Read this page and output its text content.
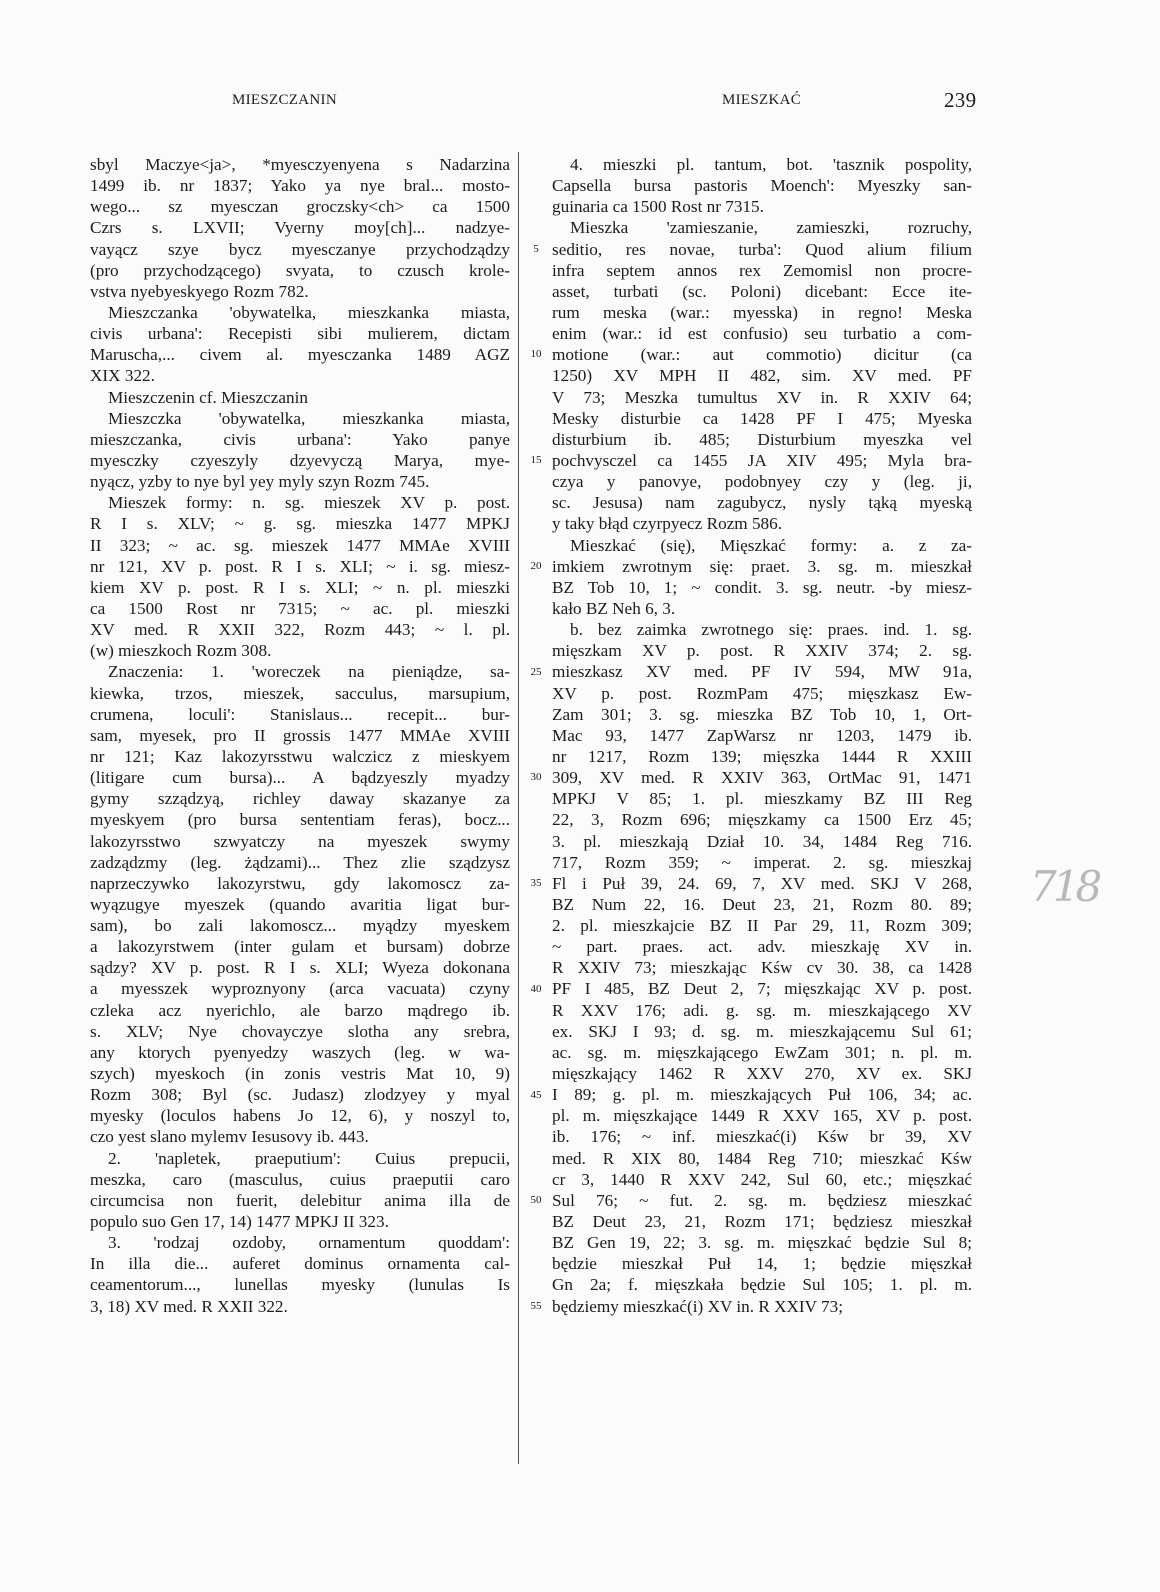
MIESZCZANIN	MIESZKAĆ	239
sbyl Maczye<ja>, *myesczyenyena s Nadarzina
1499 ib. nr 1837; Yako ya nye bral... mosto-
wego... sz myesczan groczsky<ch> ca 1500
Czrs s. LXVII; Vyerny moy[ch]... nadzye-
vayącz szye bycz myesczanye przychodządzy
(pro przychodzącego) svyata, to czusch krole-
vstva nyebyeskyego Rozm 782.
Mieszczanka 'obywatelka, mieszkanka miasta,
civis urbana': Recepisti sibi mulierem, dictam
Maruscha,... civem al. myesczanka 1489 AGZ
XIX 322.
Mieszczenin cf. Mieszczanin
Mieszczka 'obywatelka, mieszkanka miasta,
mieszczanka, civis urbana': Yako panye
myesczky czyeszyly dzyevyczą Marya, mye-
nyącz, yzby to nye byl yey myly szyn Rozm 745.
Mieszek formy: n. sg. mieszek XV p. post.
R I s. XLV; ~ g. sg. mieszka 1477 MPKJ
II 323; ~ ac. sg. mieszek 1477 MMAe XVIII
nr 121, XV p. post. R I s. XLI; ~ i. sg. miesz-
kiem XV p. post. R I s. XLI; ~ n. pl. mieszki
ca 1500 Rost nr 7315; ~ ac. pl. mieszki
XV med. R XXII 322, Rozm 443; ~ l. pl.
(w) mieszkoch Rozm 308.
Znaczenia: 1. 'woreczek na pieniądze, sa-
kiewka, trzos, mieszek, sacculus, marsupium,
crumena, loculi': Stanislaus... recepit... bur-
sam, myesek, pro II grossis 1477 MMAe XVIII
nr 121; Kaz lakozyrsstwu walczicz z mieskyem
(litigare cum bursa)... A bądzyeszly myadzy
gymy szządzyą, richley daway skazanye za
myeskyem (pro bursa sententiam feras), bocz...
lakozyrsstwo szwyatczy na myeszek swymy
zadządzmy (leg. żądzami)... Thez zlie sządzysz
naprzeczywko lakozyrstwu, gdy lakomoscz za-
wyązugye myeszek (quando avaritia ligat bur-
sam), bo zali lakomoscz... myądzy myeskem
a lakozyrstwem (inter gulam et bursam) dobrze
sądzy? XV p. post. R I s. XLI; Wyeza dokonana
a myesszek wyproznyony (arca vacuata) czyny
czleka acz nyerichlo, ale barzo mądrego ib.
s. XLV; Nye chovayczye slotha any srebra,
any ktorych pyenyedzy waszych (leg. w wa-
szych) myeskoch (in zonis vestris Mat 10, 9)
Rozm 308; Byl (sc. Judasz) zlodzyey y myal
myesky (loculos habens Jo 12, 6), y noszyl to,
czo yest slano mylemv Iesusovy ib. 443.
2. 'napletek, praeputium': Cuius prepucii,
meszka, caro (masculus, cuius praeputii caro
circumcisa non fuerit, delebitur anima illa de
populo suo Gen 17, 14) 1477 MPKJ II 323.
3. 'rodzaj ozdoby, ornamentum quoddam':
In illa die... auferet dominus ornamenta cal-
ceamentorum..., lunellas myesky (lunulas Is
3, 18) XV med. R XXII 322.
5
10
15
20
25
30
35
40
45
50
55
4. mieszki pl. tantum, bot. 'tasznik pospolity,
Capsella bursa pastoris Moench': Myeszky san-
guinaria ca 1500 Rost nr 7315.
Mieszka 'zamieszanie, zamieszki, rozruchy,
seditio, res novae, turba': Quod alium filium
infra septem annos rex Zemomisl non procre-
asset, turbati (sc. Poloni) dicebant: Ecce ite-
rum meska (war.: myesska) in regno! Meska
enim (war.: id est confusio) seu turbatio a com-
motione (war.: aut commotio) dicitur (ca
1250) XV MPH II 482, sim. XV med. PF
V 73; Meszka tumultus XV in. R XXIV 64;
Mesky disturbie ca 1428 PF I 475; Myeska
disturbium ib. 485; Disturbium myeszka vel
pochvysczel ca 1455 JA XIV 495; Myla bra-
czya y panovye, podobnyey czy y (leg. ji,
sc. Jesusa) nam zagubycz, nysly tąką myeską
y taky błąd czyrpyecz Rozm 586.
Mieszkać (się), Mięszkać formy: a. z za-
imkiem zwrotnym się: praet. 3. sg. m. mieszkał
BZ Tob 10, 1; ~ condit. 3. sg. neutr. -by miesz-
kało BZ Neh 6, 3.
b. bez zaimka zwrotnego się: praes. ind. 1. sg.
mięszkam XV p. post. R XXIV 374; 2. sg.
mieszkasz XV med. PF IV 594, MW 91a,
XV p. post. RozmPam 475; mięszkasz Ew-
Zam 301; 3. sg. mieszka BZ Tob 10, 1, Ort-
Mac 93, 1477 ZapWarsz nr 1203, 1479 ib.
nr 1217, Rozm 139; mięszka 1444 R XXIII
309, XV med. R XXIV 363, OrtMac 91, 1471
MPKJ V 85; 1. pl. mieszkamy BZ III Reg
22, 3, Rozm 696; mięszkamy ca 1500 Erz 45;
3. pl. mieszkają Dział 10. 34, 1484 Reg 716.
717, Rozm 359; ~ imperat. 2. sg. mieszkaj
Fl i Puł 39, 24. 69, 7, XV med. SKJ V 268,
BZ Num 22, 16. Deut 23, 21, Rozm 80. 89;
2. pl. mieszkajcie BZ II Par 29, 11, Rozm 309;
~ part. praes. act. adv. mieszkaję XV in.
R XXIV 73; mieszkając Kśw cv 30. 38, ca 1428
PF I 485, BZ Deut 2, 7; mięszkając XV p. post.
R XXV 176; adi. g. sg. m. mieszkającego XV
ex. SKJ I 93; d. sg. m. mieszkającemu Sul 61;
ac. sg. m. mięszkającego EwZam 301; n. pl. m.
mięszkający 1462 R XXV 270, XV ex. SKJ
I 89; g. pl. m. mieszkających Puł 106, 34; ac.
pl. m. mięszkające 1449 R XXV 165, XV p. post.
ib. 176; ~ inf. mieszkać(i) Kśw br 39, XV
med. R XIX 80, 1484 Reg 710; mieszkać Kśw
cr 3, 1440 R XXV 242, Sul 60, etc.; mięszkać
Sul 76; ~ fut. 2. sg. m. będziesz mieszkać
BZ Deut 23, 21, Rozm 171; będziesz mieszkał
BZ Gen 19, 22; 3. sg. m. mięszkać będzie Sul 8;
będzie mieszkał Puł 14, 1; będzie mięszkał
Gn 2a; f. mięszkała będzie Sul 105; 1. pl. m.
będziemy mieszkać(i) XV in. R XXIV 73;
718
